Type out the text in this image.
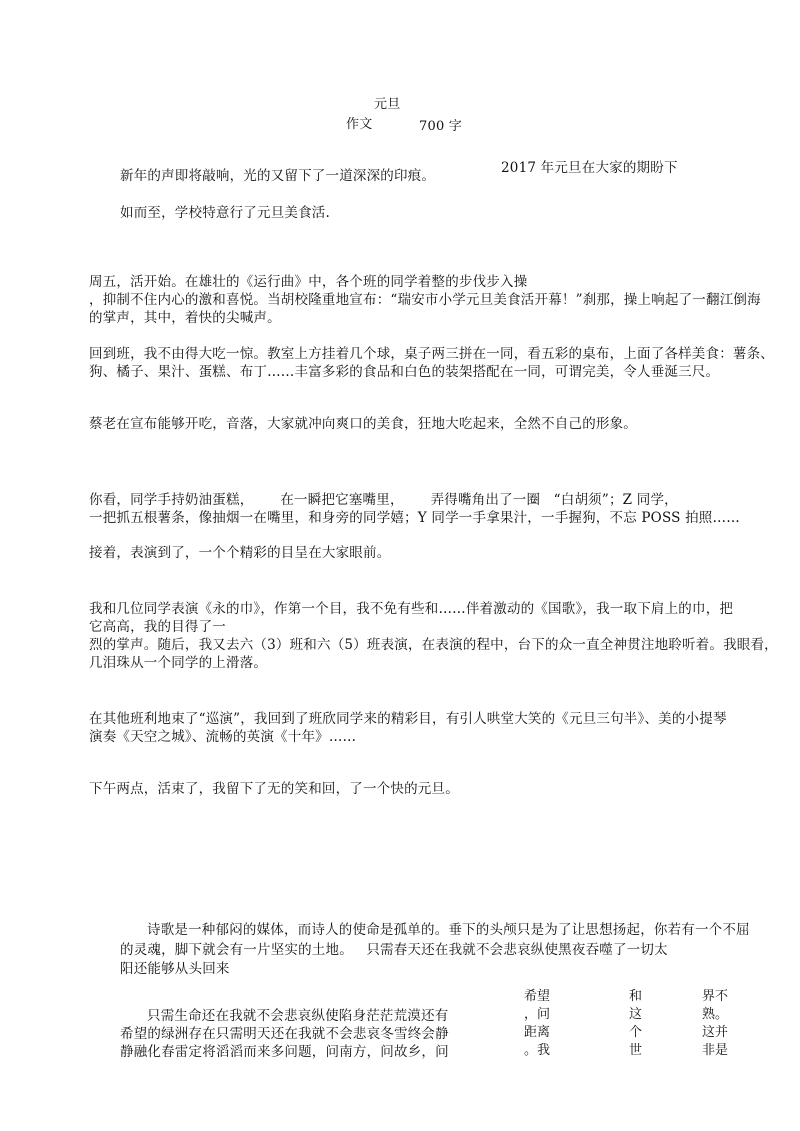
元旦
作文	700 字
新年的声即将敲响，光的又留下了一道深深的印痕。	2017 年元旦在大家的期盼下
如而至，学校特意行了元旦美食活.
周五，活开始。在雄壮的《运行曲》中，各个班的同学着整的步伐步入操
，抑制不住内心的激和喜悦。当胡校隆重地宣布：“瑞安市小学元旦美食活开幕！”刹那，操上响起了一翻江倒海
的掌声，其中，着快的尖喊声。
回到班，我不由得大吃一惊。教室上方挂着几个球，桌子两三拼在一同，看五彩的桌布，上面了各样美食：薯条、
狗、橘子、果汁、蛋糕、布丁……丰富多彩的食品和白色的装架搭配在一同，可谓完美，令人垂涎三尺。
蔡老在宣布能够开吃，音落，大家就冲向爽口的美食，狂地大吃起来，全然不自己的形象。
你看，同学手持奶油蛋糕，      在一瞬把它塞嘴里，      弄得嘴角出了一圈   “白胡须”；Z 同学，
一把抓五根薯条，像抽烟一在嘴里，和身旁的同学嬉；Y 同学一手拿果汁，一手握狗，不忘 POSS 拍照……
接着，表演到了，一个个精彩的目呈在大家眼前。
我和几位同学表演《永的巾》，作第一个目，我不免有些和……伴着激动的《国歌》，我一取下肩上的巾，把
它高高，我的目得了一
烈的掌声。随后，我又去六（3）班和六（5）班表演，在表演的程中，台下的众一直全神贯注地聆听着。我眼看，
几泪珠从一个同学的上滑落。
在其他班利地束了“巡演”，我回到了班欣同学来的精彩目，有引人哄堂大笑的《元旦三句半》、美的小提琴
演奏《天空之城》、流畅的英演《十年》……
下午两点，活束了，我留下了无的笑和回，了一个快的元旦。
诗歌是一种郁闷的媒体，而诗人的使命是孤单的。垂下的头颅只是为了让思想扬起，你若有一个不屈
的灵魂，脚下就会有一片坚实的土地。   只需春天还在我就不会悲哀纵使黑夜吞噬了一切太
阳还能够从头回来
只需生命还在我就不会悲哀纵使陷身茫茫荒漠还有
希望的绿洲存在只需明天还在我就不会悲哀冬雪终会静
静融化春雷定将滔滔而来多问题，问南方，问故乡，问
希望
，问
距离
。我
和
这
个
世
界不
熟。
这并
非是
